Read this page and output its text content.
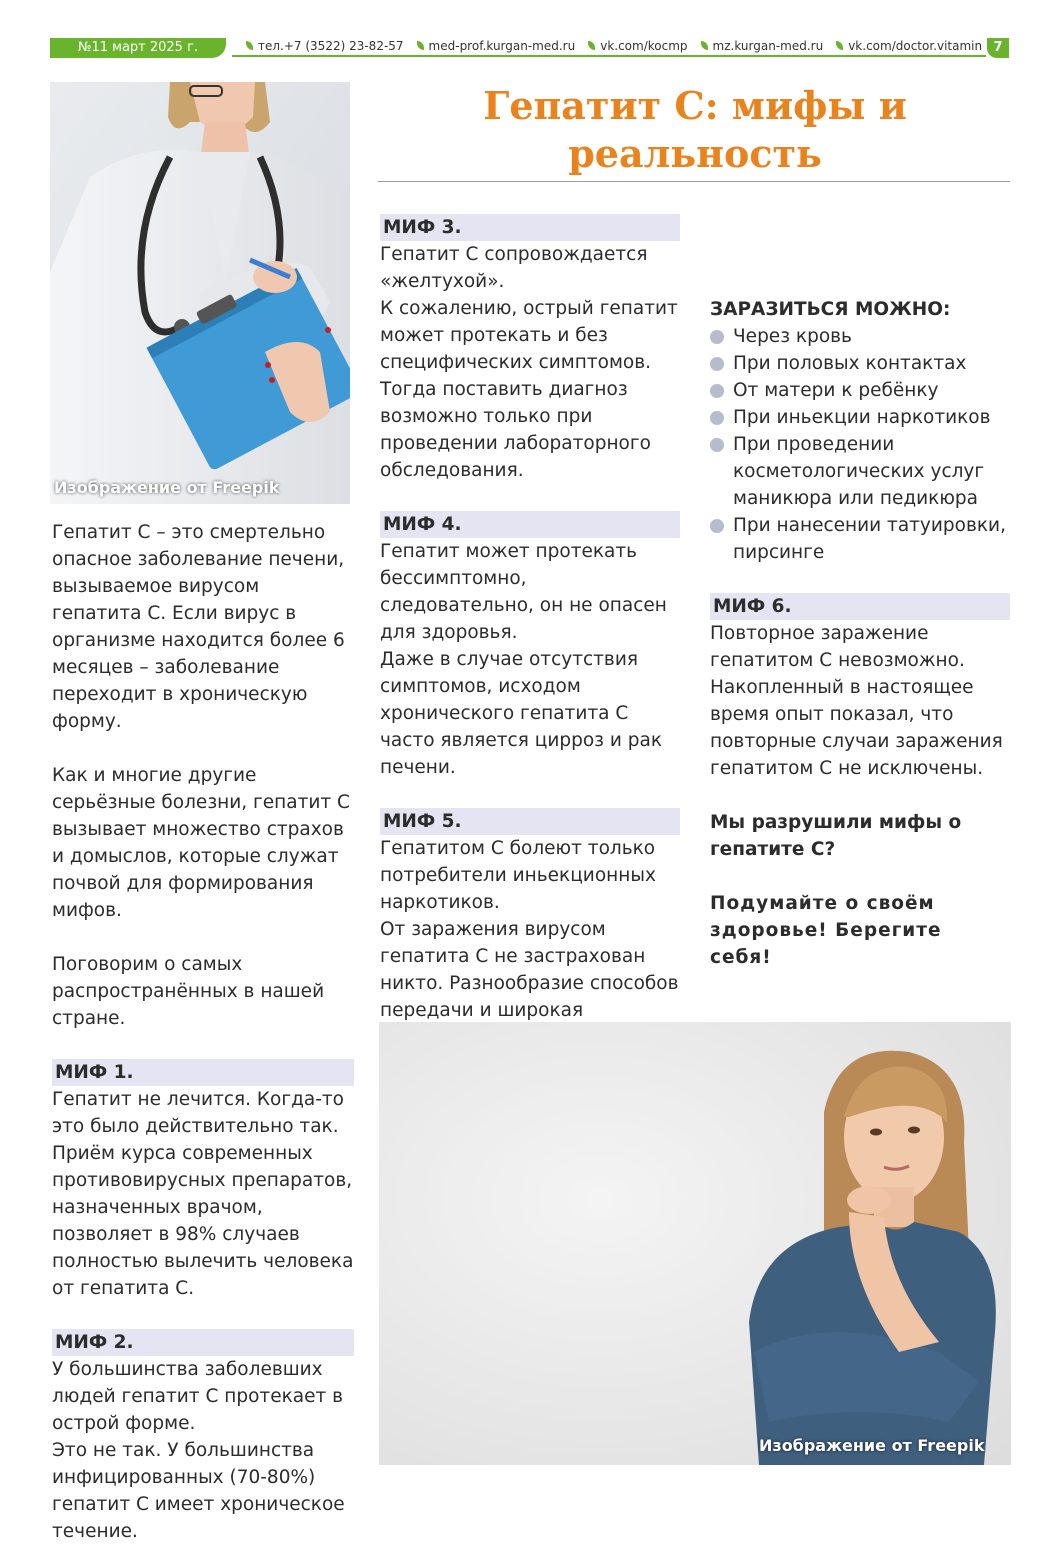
№11 март 2025 г.	тел.+7 (3522) 23-82-57 med-prof.kurgan-med.ru vk.com/kocmp mz.kurgan-med.ru vk.com/doctor.vitamin 7
Изображение от Freepik
Гепатит С: мифы и
реальность

Гепатит С – это смертельно опасное заболевание печени, вызываемое вирусом гепатита С. Если вирус в организме находится более 6 месяцев – заболевание переходит в хроническую форму.

Как и многие другие серьёзные болезни, гепатит С вызывает множество страхов и домыслов, которые служат почвой для формирования мифов.

Поговорим о самых распространённых в нашей стране.

МИФ 1.

Гепатит не лечится. Когда-то это было действительно так. Приём курса современных противовирусных препаратов, назначенных врачом, позволяет в 98% случаев полностью вылечить человека от гепатита С.

МИФ 2.

У большинства заболевших людей гепатит С протекает в острой форме.

Это не так. У большинства инфицированных (70-80%) гепатит С имеет хроническое течение.

МИФ 3.

Гепатит С сопровождается «желтухой».

К сожалению, острый гепатит может протекать и без специфических симптомов. Тогда поставить диагноз возможно только при проведении лабораторного обследования.

МИФ 4.

Гепатит может протекать бессимптомно, следовательно, он не опасен для здоровья.

Даже в случае отсутствия симптомов, исходом хронического гепатита С часто является цирроз и рак печени.

МИФ 5.

Гепатитом С болеют только потребители иньекционных наркотиков.

От заражения вирусом гепатита С не застрахован никто. Разнообразие способов передачи и широкая

ЗАРАЗИТЬСЯ МОЖНО:

Через кровь
При половых контактах
От матери к ребёнку
При иньекции наркотиков
При проведении косметологических услуг маникюра или педикюра
При нанесении татуировки, пирсинге

МИФ 6.

Повторное заражение гепатитом С невозможно.

Накопленный в настоящее время опыт показал, что повторные случаи заражения гепатитом С не исключены.

Мы разрушили мифы о гепатите С?

Подумайте о своём здоровье! Берегите себя!

Изображение от Freepik
